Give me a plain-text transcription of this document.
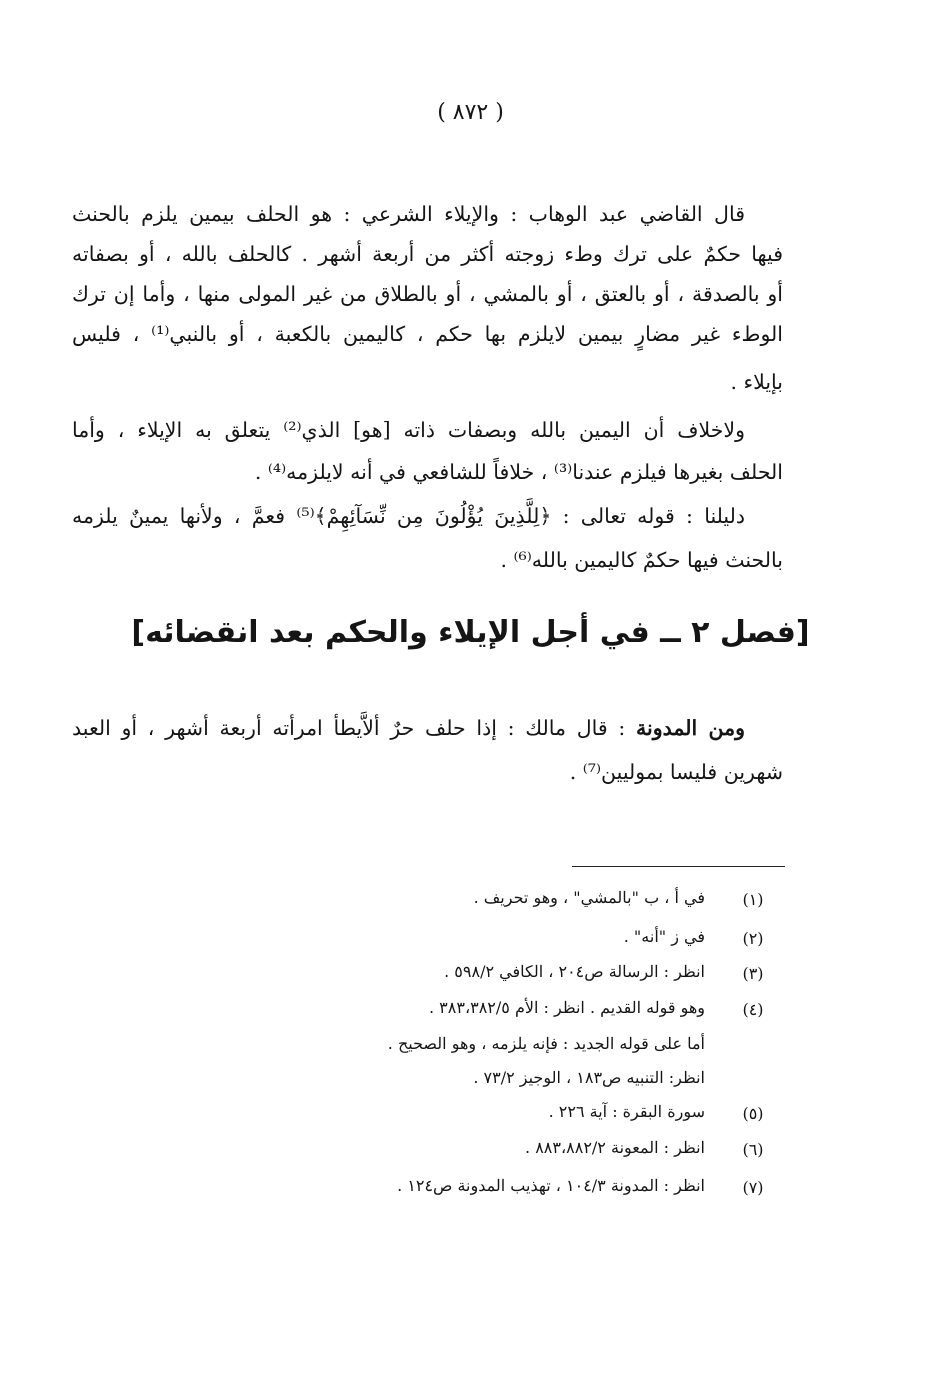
( ٨٧٢ )
قال القاضي عبد الوهاب : والإيلاء الشرعي : هو الحلف بيمين يلزم بالحنث
فيها حكمٌ على ترك وطء زوجته أكثر من أربعة أشهر . كالحلف بالله ، أو بصفاته
أو بالصدقة ، أو بالعتق ، أو بالمشي ، أو بالطلاق من غير المولى منها ، وأما إن ترك
الوطء غير مضارٍ بيمين لايلزم بها حكم ، كاليمين بالكعبة ، أو بالنبي⁽¹⁾ ، فليس
بإيلاء .
ولاخلاف أن اليمين بالله وبصفات ذاته [هو] الذي⁽²⁾ يتعلق به الإيلاء ، وأما
الحلف بغيرها فيلزم عندنا⁽³⁾ ، خلافاً للشافعي في أنه لايلزمه⁽⁴⁾ .
دليلنا : قوله تعالى : ﴿لِلَّذِينَ يُؤْلُونَ مِن نِّسَآئِهِمْ﴾⁽⁵⁾ فعمَّ ، ولأنها يمينٌ يلزمه
بالحنث فيها حكمٌ كاليمين بالله⁽⁶⁾ .
[فصل ٢ ــ في أجل الإيلاء والحكم بعد انقضائه]
ومن المدونة : قال مالك : إذا حلف حرٌ ألاَّيطأ امرأته أربعة أشهر ، أو العبد
شهرين فليسا بموليين⁽⁷⁾ .
(١)
في أ ، ب "بالمشي" ، وهو تحريف .
(٢)
في ز "أنه" .
(٣)
انظر : الرسالة ص٢٠٤ ، الكافي ٥٩٨/٢ .
(٤)
وهو قوله القديم . انظر : الأم ٣٨٣،٣٨٢/٥ .
أما على قوله الجديد : فإنه يلزمه ، وهو الصحيح .
انظر: التنبيه ص١٨٣ ، الوجيز ٧٣/٢ .
(٥)
سورة البقرة : آية ٢٢٦ .
(٦)
انظر : المعونة ٨٨٣،٨٨٢/٢ .
(٧)
انظر : المدونة ١٠٤/٣ ، تهذيب المدونة ص١٢٤ .
